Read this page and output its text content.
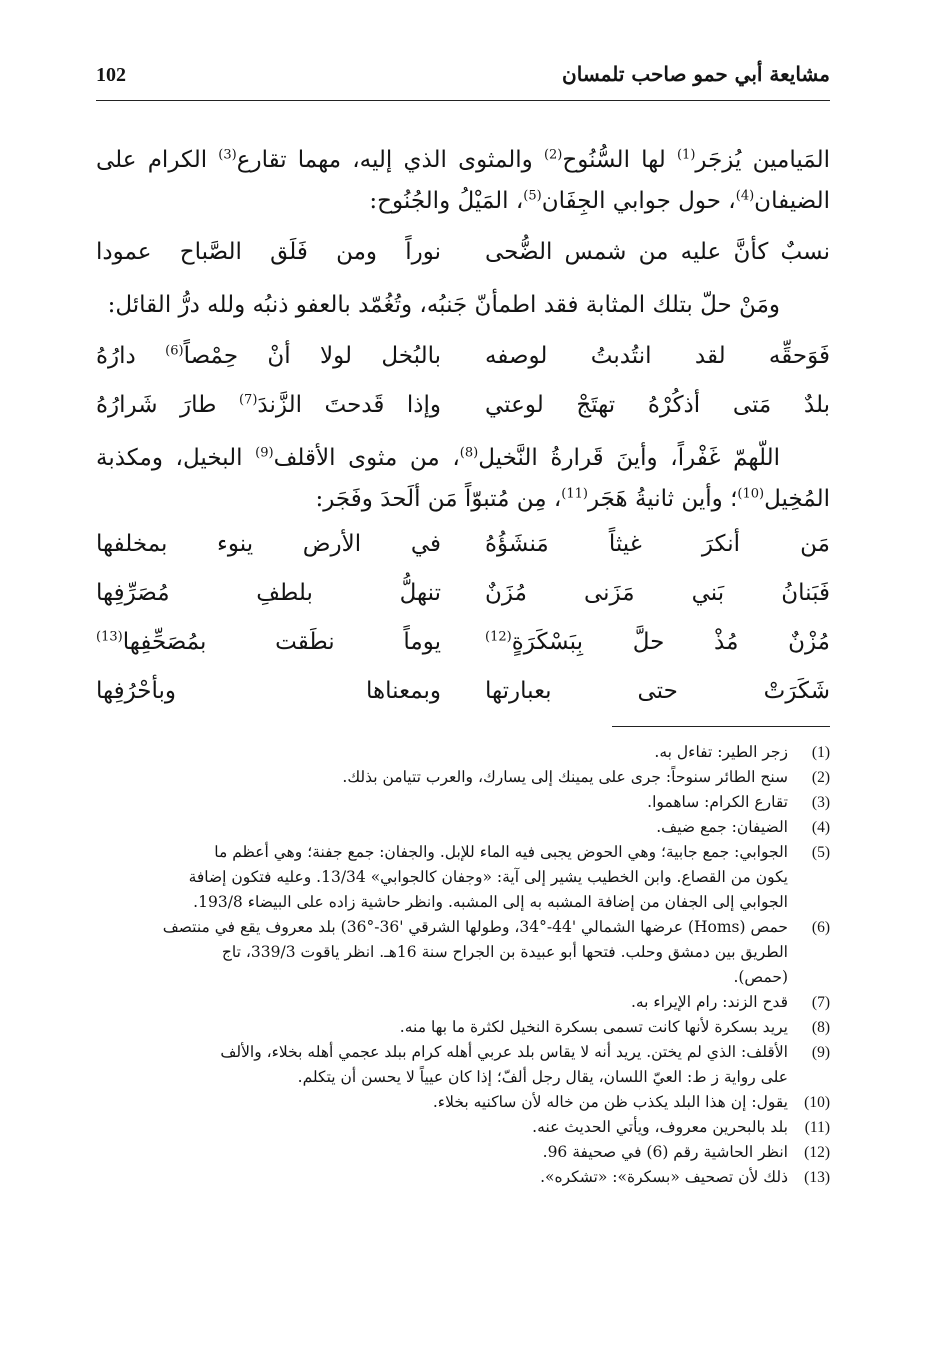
مشايعة أبي حمو صاحب تلمسان
102

المَيامين يُزجَر$^{(1)}$ لها السُّنُوح$^{(2)}$ والمثوى الذي إليه، مهما تقارع$^{(3)}$ الكرام على الضيفان$^{(4)}$، حول جوابي الجِفَان$^{(5)}$، المَيْلُ والجُنُوح:

نسبٌ كأنَّ عليه من شمس الضُّحى
نوراً ومن فَلَق الصَّباح عمودا

ومَنْ حلّ بتلك المثابة فقد اطمأنّ جَنبُه، وتُغُمّد بالعفو ذنبُه ولله درُّ القائل:

فَوَحقِّه لقد انتُدبتُ لوصفه
بالبُخل لولا أنْ حِمْصاً$^{(6)}$ دارُهُ
بلدٌ مَتى أذكُرْهُ تهتَجْ لوعتي
وإذا قَدحتَ الزَّندَ$^{(7)}$ طارَ شَرارُهُ

اللّهمّ غَفْراً، وأينَ قَرارةُ النَّخيل$^{(8)}$، من مثوى الأقلف$^{(9)}$ البخيل، ومكذبة المُخِيل$^{(10)}$؛ وأين ثانيةُ هَجَر$^{(11)}$، مِن مُتبوّاً مَن ألَحدَ وفَجَر:

مَن أنكرَ غيثاً مَنشَؤُهُ
في الأرض ينوء بمخلفها
فَبَنانُ بَني مَزَنى مُزَنٌ
تنهلُّ بلطفِ مُصَرِّفِها
مُزْنٌ مُذْ حلَّ بِبَسْكَرَةٍ$^{(12)}$
يوماً نطَقت بمُصَحِّفِها$^{(13)}$
شَكَرَتْ حتى بعبارتها
وبمعناها وبأحْرُفِها
(1)
زجر الطير: تفاءل به.
(2)
سنح الطائر سنوحاً: جرى على يمينك إلى يسارك، والعرب تتيامن بذلك.
(3)
تقارع الكرام: ساهموا.
(4)
الضيفان: جمع ضيف.
(5)
الجوابي: جمع جابية؛ وهي الحوض يجبى فيه الماء للإبل. والجفان: جمع جفنة؛ وهي أعظم ما
يكون من القصاع. وابن الخطيب يشير إلى آية: «وجفان كالجوابي» 13/34. وعليه فتكون إضافة
الجوابي إلى الجفان من إضافة المشبه به إلى المشبه. وانظر حاشية زاده على البيضاء 193/8.
(6)
حمص (Homs) عرضها الشمالي '44-°34، وطولها الشرقي '36-°36) بلد معروف يقع في منتصف
الطريق بين دمشق وحلب. فتحها أبو عبيدة بن الجراح سنة 16هـ. انظر ياقوت 339/3، تاج
(حمص).
(7)
قدح الزند: رام الإيراء به.
(8)
يريد بسكرة لأنها كانت تسمى بسكرة النخيل لكثرة ما بها منه.
(9)
الأقلف: الذي لم يختن. يريد أنه لا يقاس بلد عربي أهله كرام ببلد عجمي أهله بخلاء، والألف
على رواية ز ط: العيّ اللسان، يقال رجل ألفّ؛ إذا كان عيياً لا يحسن أن يتكلم.
(10)
يقول: إن هذا البلد يكذب ظن من خاله لأن ساكنيه بخلاء.
(11)
بلد بالبحرين معروف، ويأتي الحديث عنه.
(12)
انظر الحاشية رقم (6) في صحيفة 96.
(13)
ذلك لأن تصحيف «بسكرة»: «تشكره».
